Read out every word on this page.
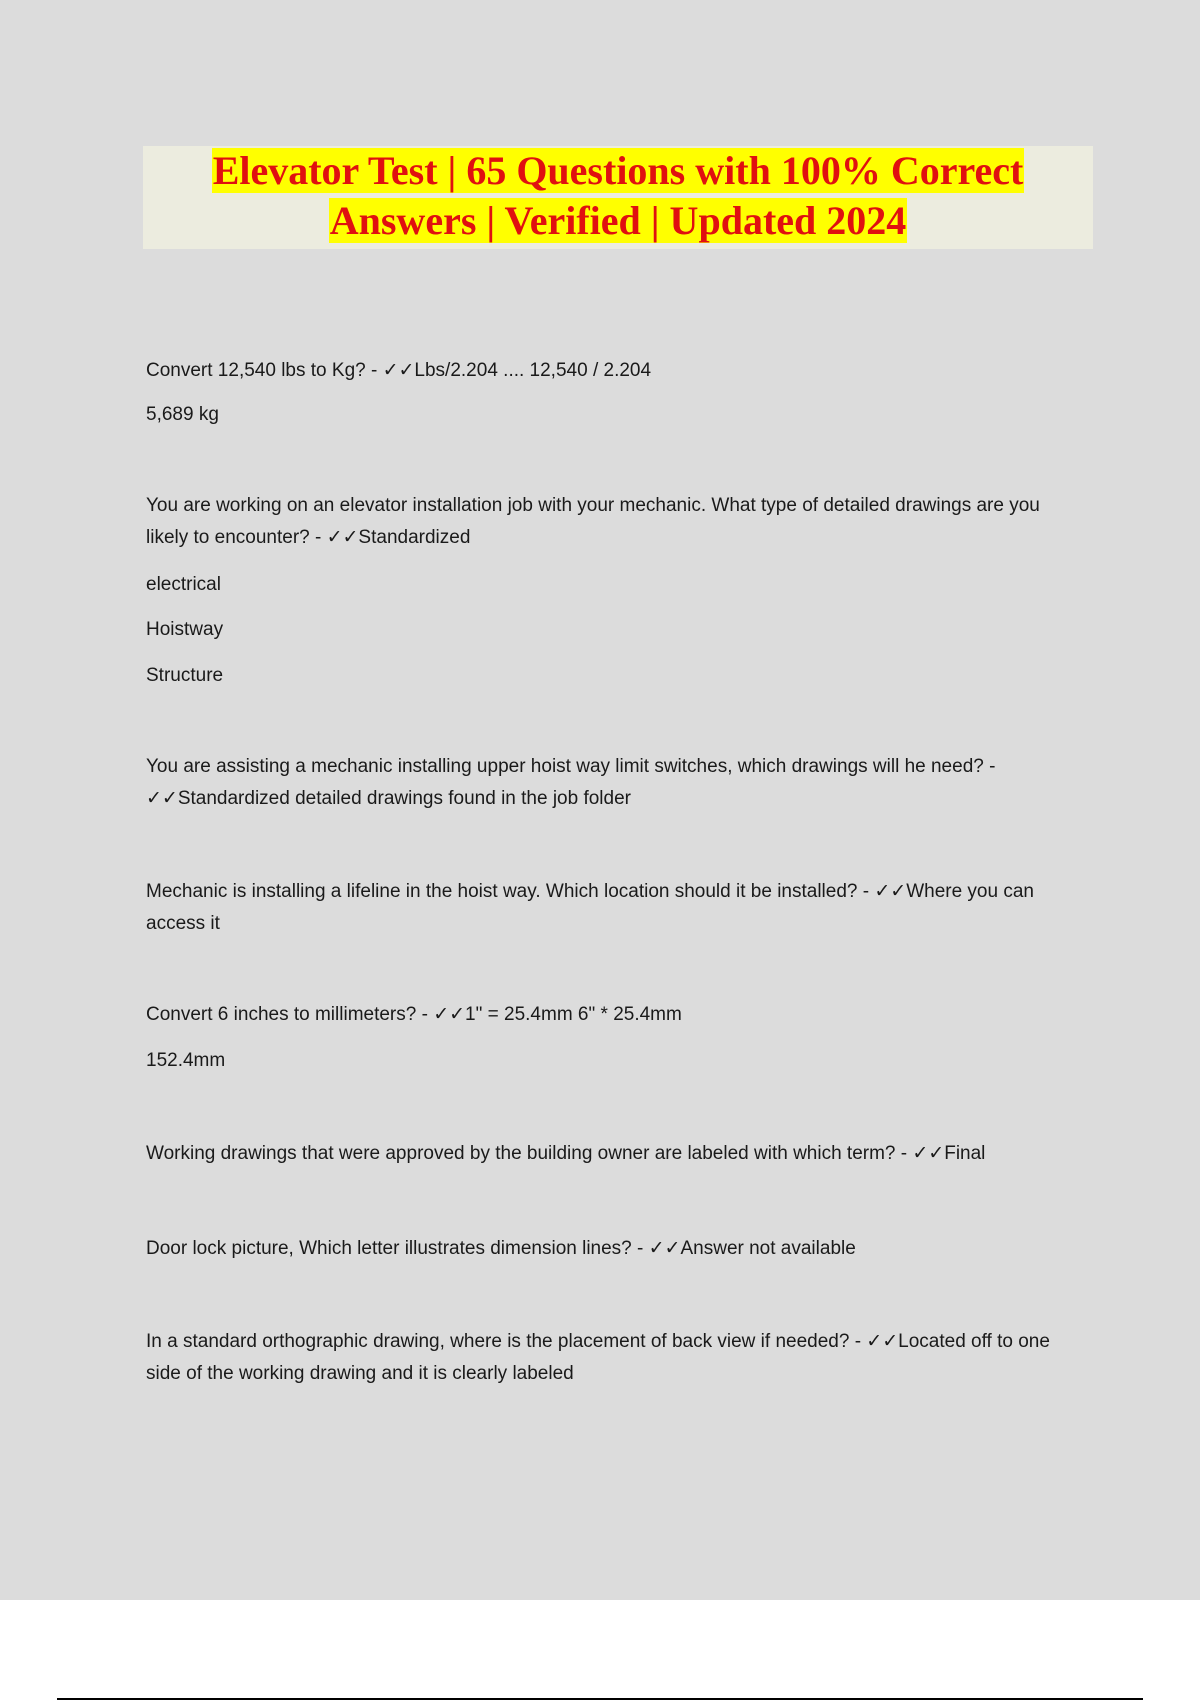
Elevator Test | 65 Questions with 100% Correct
Answers | Verified | Updated 2024
Convert 12,540 lbs to Kg? - ✓✓Lbs/2.204 .... 12,540 / 2.204
5,689 kg
You are working on an elevator installation job with your mechanic. What type of detailed drawings are you likely to encounter? - ✓✓Standardized
electrical
Hoistway
Structure
You are assisting a mechanic installing upper hoist way limit switches, which drawings will he need? - ✓✓Standardized detailed drawings found in the job folder
Mechanic is installing a lifeline in the hoist way. Which location should it be installed? - ✓✓Where you can access it
Convert 6 inches to millimeters? - ✓✓1" = 25.4mm 6" * 25.4mm
152.4mm
Working drawings that were approved by the building owner are labeled with which term? - ✓✓Final
Door lock picture, Which letter illustrates dimension lines? - ✓✓Answer not available
In a standard orthographic drawing, where is the placement of back view if needed? - ✓✓Located off to one side of the working drawing and it is clearly labeled
